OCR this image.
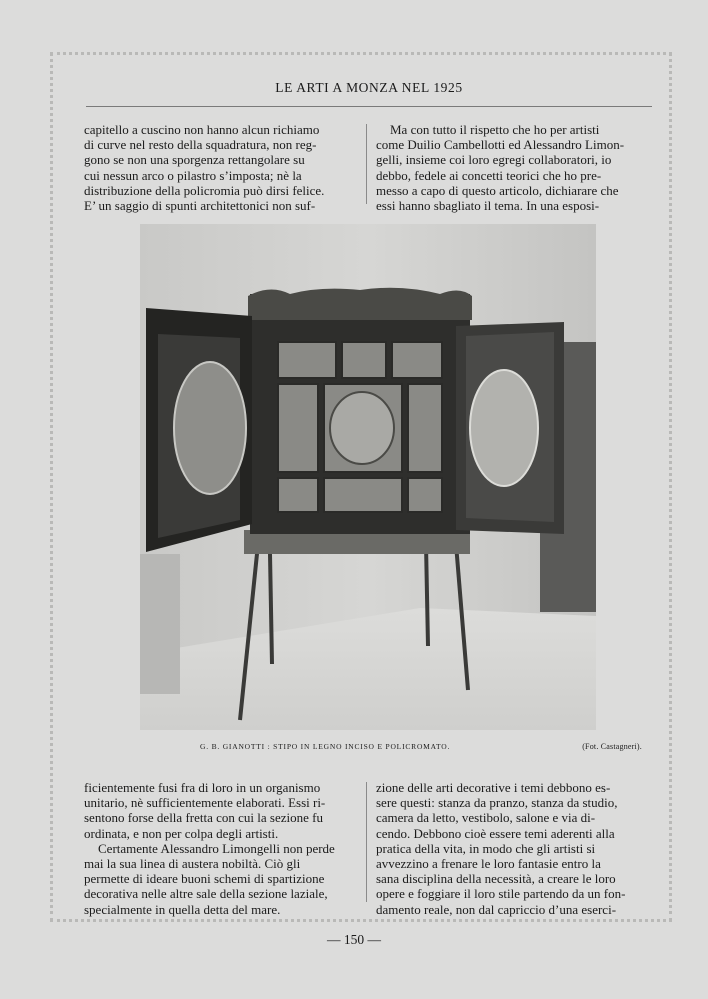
LE ARTI A MONZA NEL 1925

capitello a cuscino non hanno alcun richiamo

di curve nel resto della squadratura, non reg-

gono se non una sporgenza rettangolare su

cui nessun arco o pilastro s’imposta; nè la

distribuzione della policromia può dirsi felice.

E’ un saggio di spunti architettonici non suf-

Ma con tutto il rispetto che ho per artisti

come Duilio Cambellotti ed Alessandro Limon-

gelli, insieme coi loro egregi collaboratori, io

debbo, fedele ai concetti teorici che ho pre-

messo a capo di questo articolo, dichiarare che

essi hanno sbagliato il tema. In una esposi-

G. B. GIANOTTI : STIPO IN LEGNO INCISO E POLICROMATO.	(Fot. Castagneri).

ficientemente fusi fra di loro in un organismo

unitario, nè sufficientemente elaborati. Essi ri-

sentono forse della fretta con cui la sezione fu

ordinata, e non per colpa degli artisti.

Certamente Alessandro Limongelli non perde

mai la sua linea di austera nobiltà. Ciò gli

permette di ideare buoni schemi di spartizione

decorativa nelle altre sale della sezione laziale,

specialmente in quella detta del mare.

zione delle arti decorative i temi debbono es-

sere questi: stanza da pranzo, stanza da studio,

camera da letto, vestibolo, salone e via di-

cendo. Debbono cioè essere temi aderenti alla

pratica della vita, in modo che gli artisti si

avvezzino a frenare le loro fantasie entro la

sana disciplina della necessità, a creare le loro

opere e foggiare il loro stile partendo da un fon-

damento reale, non dal capriccio d’una eserci-

— 150 —
